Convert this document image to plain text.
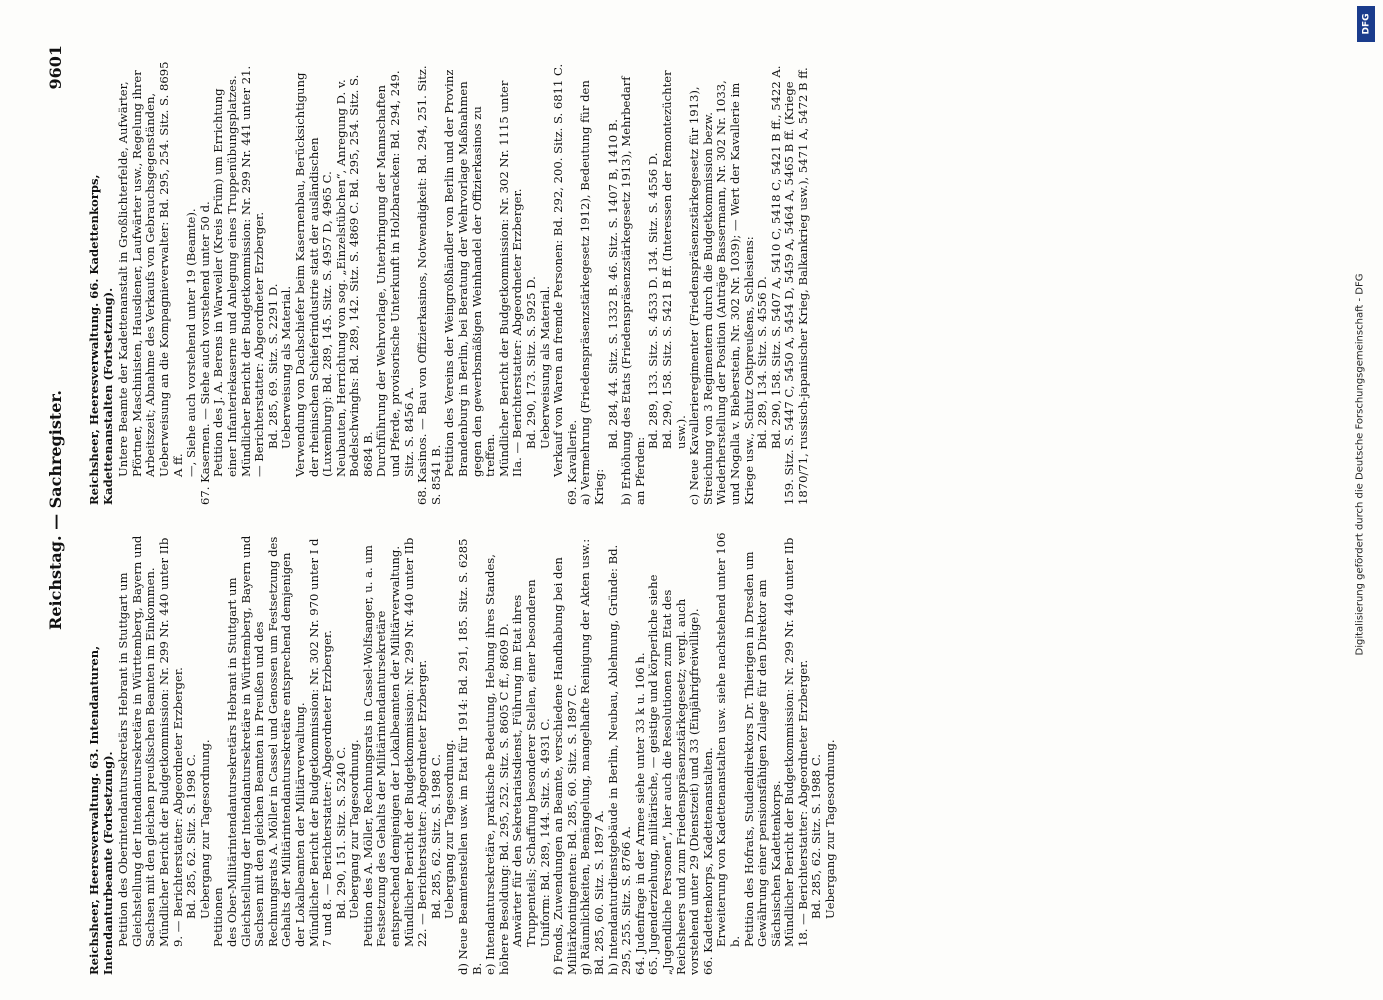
Reichstag. — Sachregister.
9601

Reichsheer, Heeresverwaltung. 63. Intendanturen, Intendanturbeamte (Fortsetzung). Petition des Oberintendantursekretärs Hebrant in Stuttgart um Gleichstellung der Intendantursekretäre in Württemberg, Bayern und Sachsen mit den gleichen preußischen Beamten im Einkommen. Mündlicher Bericht der Budgetkommission: Nr. 299 Nr. 440 unter IIb 9. — Berichterstatter: Abgeordneter Erzberger. Bd. 285, 62. Sitz. S. 1998 C. Uebergang zur Tagesordnung. Petitionen des Ober-Militärintendantursekretärs Hebrant in Stuttgart um Gleichstellung der Intendantursekretäre in Württemberg, Bayern und Sachsen mit den gleichen Beamten in Preußen und des Rechnungsrats A. Möller in Cassel und Genossen um Festsetzung des Gehalts der Militärintendantursekretäre entsprechend demjenigen der Lokalbeamten der Militärverwaltung. Mündlicher Bericht der Budgetkommission: Nr. 302 Nr. 970 unter I d 7 und 8. — Berichterstatter: Abgeordneter Erzberger. Bd. 290, 151. Sitz. S. 5240 C. Uebergang zur Tagesordnung. Petition des A. Möller, Rechnungsrats in Cassel-Wolfsanger, u. a. um Festsetzung des Gehalts der Militärintendantursekretäre entsprechend demjenigen der Lokalbeamten der Militärverwaltung. Mündlicher Bericht der Budgetkommission: Nr. 299 Nr. 440 unter IIb 22. — Berichterstatter: Abgeordneter Erzberger. Bd. 285, 62. Sitz. S. 1988 C. Uebergang zur Tagesordnung. d) Neue Beamtenstellen usw. im Etat für 1914: Bd. 291, 185. Sitz. S. 6285 B. e) Intendantursekretäre, praktische Bedeutung, Hebung ihres Standes, höhere Besoldung: Bd. 295, 252. Sitz. S. 8605 C ff., 8609 D. Anwärter für den Sekretariatsdienst, Führung im Etat ihres Truppenteils; Schaffung besonderer Stellen, einer besonderen Uniform: Bd. 289, 144. Sitz. S. 4931 C. f) Fonds, Zuwendungen an Beamte, verschiedene Handhabung bei den Militärkontingenten: Bd. 285, 60. Sitz. S. 1897 C. g) Räumlichkeiten, Bemängelung, mangelhafte Reinigung der Akten usw.: Bd. 285, 60. Sitz. S. 1897 A. h) Intendanturdienstgebäude in Berlin, Neubau, Ablehnung, Gründe: Bd. 295, 255. Sitz. S. 8766 A. 64. Judenfrage in der Armee siehe unter 33 k u. 106 h. 65. Jugenderziehung, militärische, — geistige und körperliche siehe „Jugendliche Personen“, hier auch die Resolutionen zum Etat des Reichsheers und zum Friedenspräsenzstärkegesetz; vergl. auch vorstehend unter 29 (Dienstzeit) und 33 (Einjährigfreiwillige). 66. Kadettenkorps, Kadettenanstalten. Erweiterung von Kadettenanstalten usw. siehe nachstehend unter 106 b. Petition des Hofrats, Studiendirektors Dr. Thierigen in Dresden um Gewährung einer pensionsfähigen Zulage für den Direktor am Sächsischen Kadettenkorps. Mündlicher Bericht der Budgetkommission: Nr. 299 Nr. 440 unter IIb 18. — Berichterstatter: Abgeordneter Erzberger. Bd. 285, 62. Sitz. S. 1988 C. Uebergang zur Tagesordnung.

Reichsheer, Heeresverwaltung. 66. Kadettenkorps, Kadettenanstalten (Fortsetzung). Untere Beamte der Kadettenanstalt in Großlichterfelde, Aufwärter, Pförtner, Maschinisten, Hausdiener, Laufwärter usw., Regelung ihrer Arbeitszeit; Abnahme des Verkaufs von Gebrauchsgegenständen, Ueberweisung an die Kompagnieverwalter: Bd. 295, 254. Sitz. S. 8695 A ff. —, Siehe auch vorstehend unter 19 (Beamte). 67. Kasernen. — Siehe auch vorstehend unter 50 d. Petition des J. A. Berens in Warweiler (Kreis Prüm) um Errichtung einer Infanteriekaserne und Anlegung eines Truppenübungsplatzes. Mündlicher Bericht der Budgetkommission: Nr. 299 Nr. 441 unter 21. — Berichterstatter: Abgeordneter Erzberger. Bd. 285, 69. Sitz. S. 2291 D. Ueberweisung als Material. Verwendung von Dachschiefer beim Kasernenbau, Berücksichtigung der rheinischen Schieferindustrie statt der ausländischen (Luxemburg): Bd. 289, 145. Sitz. S. 4957 D, 4965 C. Neubauten, Herrichtung von sog. „Einzelstübchen“, Anregung D. v. Bodelschwinghs: Bd. 289, 142. Sitz. S. 4869 C. Bd. 295, 254. Sitz. S. 8684 B. Durchführung der Wehrvorlage, Unterbringung der Mannschaften und Pferde, provisorische Unterkunft in Holzbaracken: Bd. 294, 249. Sitz. S. 8456 A. 68. Kasinos. — Bau von Offizierkasinos, Notwendigkeit: Bd. 294, 251. Sitz. S. 8541 B. Petition des Vereins der Weingroßhändler von Berlin und der Provinz Brandenburg in Berlin, bei Beratung der Wehrvorlage Maßnahmen gegen den gewerbsmäßigen Weinhandel der Offizierkasinos zu treffen. Mündlicher Bericht der Budgetkommission: Nr. 302 Nr. 1115 unter IIa. — Berichterstatter: Abgeordneter Erzberger. Bd. 290, 173. Sitz. S. 5925 D. Ueberweisung als Material. Verkauf von Waren an fremde Personen: Bd. 292, 200. Sitz. S. 6811 C. 69. Kavallerie. a) Vermehrung (Friedenspräsenzstärkegesetz 1912), Bedeutung für den Krieg:

Bd. 284, 44. Sitz. S. 1332 B. 46. Sitz. S. 1407 B, 1410 B. b) Erhöhung des Etats (Friedenspräsenzstärkegesetz 1913), Mehrbedarf an Pferden:

Bd. 289, 133. Sitz. S. 4533 D. 134. Sitz. S. 4556 D. Bd. 290, 158. Sitz. S. 5421 B ff. (Interessen der Remontezüchter usw.). c) Neue Kavallerieregimenter (Friedenspräsenzstärkegesetz für 1913), Streichung von 3 Regimentern durch die Budgetkommission bezw. Wiederherstellung der Position (Anträge Bassermann, Nr. 302 Nr. 1033, und Nogalla v. Bieberstein, Nr. 302 Nr. 1039); — Wert der Kavallerie im Kriege usw., Schutz Ostpreußens, Schlesiens: Bd. 289, 134. Sitz. S. 4556 D. Bd. 290, 158. Sitz. S. 5407 A, 5410 C, 5418 C, 5421 B ff., 5422 A. 159. Sitz. S. 5447 C, 5450 A, 5454 D, 5459 A, 5464 A, 5465 B ff. (Kriege 1870/71, russisch-japanischer Krieg, Balkankrieg usw.), 5471 A, 5472 B ff.

DFG
Digitalisierung gefördert durch die Deutsche Forschungsgemeinschaft - DFG
